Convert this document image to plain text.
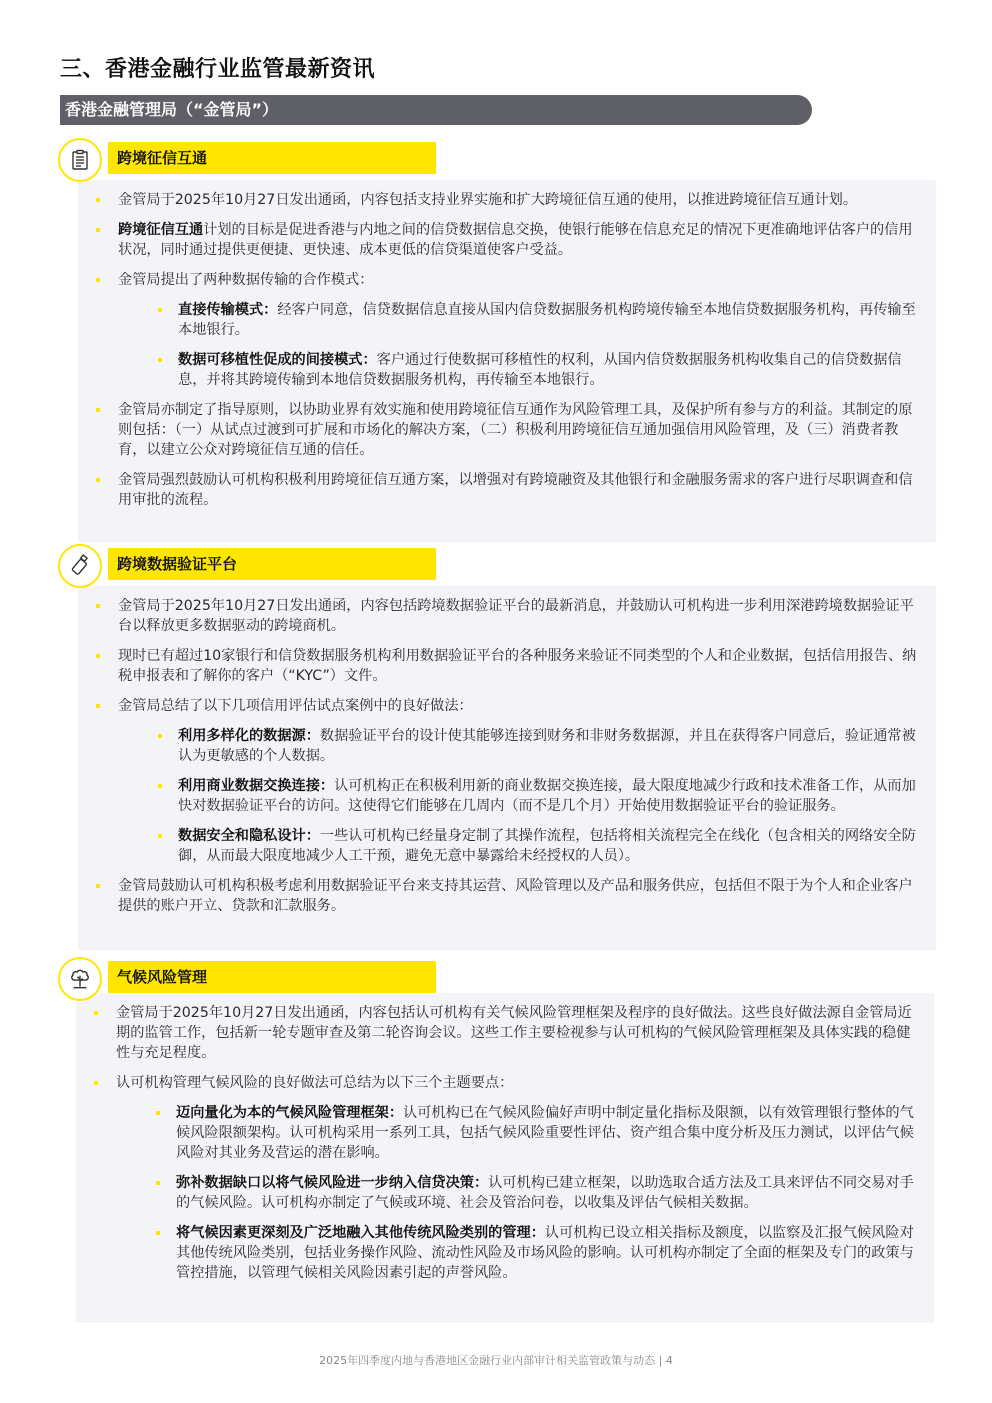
三、香港金融行业监管最新资讯
香港金融管理局（“金管局”）
跨境征信互通
金管局于2025年10月27日发出通函，内容包括支持业界实施和扩大跨境征信互通的使用，以推进跨境征信互通计划。
跨境征信互通计划的目标是促进香港与内地之间的信贷数据信息交换，使银行能够在信息充足的情况下更准确地评估客户的信用状况，同时通过提供更便捷、更快速、成本更低的信贷渠道使客户受益。
金管局提出了两种数据传输的合作模式：
直接传输模式：经客户同意，信贷数据信息直接从国内信贷数据服务机构跨境传输至本地信贷数据服务机构，再传输至本地银行。
数据可移植性促成的间接模式：客户通过行使数据可移植性的权利，从国内信贷数据服务机构收集自己的信贷数据信息，并将其跨境传输到本地信贷数据服务机构，再传输至本地银行。
金管局亦制定了指导原则，以协助业界有效实施和使用跨境征信互通作为风险管理工具，及保护所有参与方的利益。其制定的原则包括：（一）从试点过渡到可扩展和市场化的解决方案，（二）积极利用跨境征信互通加强信用风险管理，及（三）消费者教育，以建立公众对跨境征信互通的信任。
金管局强烈鼓励认可机构积极利用跨境征信互通方案，以增强对有跨境融资及其他银行和金融服务需求的客户进行尽职调查和信用审批的流程。
跨境数据验证平台
金管局于2025年10月27日发出通函，内容包括跨境数据验证平台的最新消息，并鼓励认可机构进一步利用深港跨境数据验证平台以释放更多数据驱动的跨境商机。
现时已有超过10家银行和信贷数据服务机构利用数据验证平台的各种服务来验证不同类型的个人和企业数据，包括信用报告、纳税申报表和了解你的客户（“KYC”）文件。
金管局总结了以下几项信用评估试点案例中的良好做法：
利用多样化的数据源：数据验证平台的设计使其能够连接到财务和非财务数据源，并且在获得客户同意后，验证通常被认为更敏感的个人数据。
利用商业数据交换连接：认可机构正在积极利用新的商业数据交换连接，最大限度地减少行政和技术准备工作，从而加快对数据验证平台的访问。这使得它们能够在几周内（而不是几个月）开始使用数据验证平台的验证服务。
数据安全和隐私设计：一些认可机构已经量身定制了其操作流程，包括将相关流程完全在线化（包含相关的网络安全防御，从而最大限度地减少人工干预，避免无意中暴露给未经授权的人员）。
金管局鼓励认可机构积极考虑利用数据验证平台来支持其运营、风险管理以及产品和服务供应，包括但不限于为个人和企业客户提供的账户开立、贷款和汇款服务。
气候风险管理
金管局于2025年10月27日发出通函，内容包括认可机构有关气候风险管理框架及程序的良好做法。这些良好做法源自金管局近期的监管工作，包括新一轮专题审查及第二轮咨询会议。这些工作主要检视参与认可机构的气候风险管理框架及具体实践的稳健性与充足程度。
认可机构管理气候风险的良好做法可总结为以下三个主题要点：
迈向量化为本的气候风险管理框架：认可机构已在气候风险偏好声明中制定量化指标及限额，以有效管理银行整体的气候风险限额架构。认可机构采用一系列工具，包括气候风险重要性评估、资产组合集中度分析及压力测试，以评估气候风险对其业务及营运的潜在影响。
弥补数据缺口以将气候风险进一步纳入信贷决策：认可机构已建立框架，以助选取合适方法及工具来评估不同交易对手的气候风险。认可机构亦制定了气候或环境、社会及管治问卷，以收集及评估气候相关数据。
将气候因素更深刻及广泛地融入其他传统风险类别的管理：认可机构已设立相关指标及额度，以监察及汇报气候风险对其他传统风险类别，包括业务操作风险、流动性风险及市场风险的影响。认可机构亦制定了全面的框架及专门的政策与管控措施，以管理气候相关风险因素引起的声誉风险。
2025年四季度内地与香港地区金融行业内部审计相关监管政策与动态 | 4
